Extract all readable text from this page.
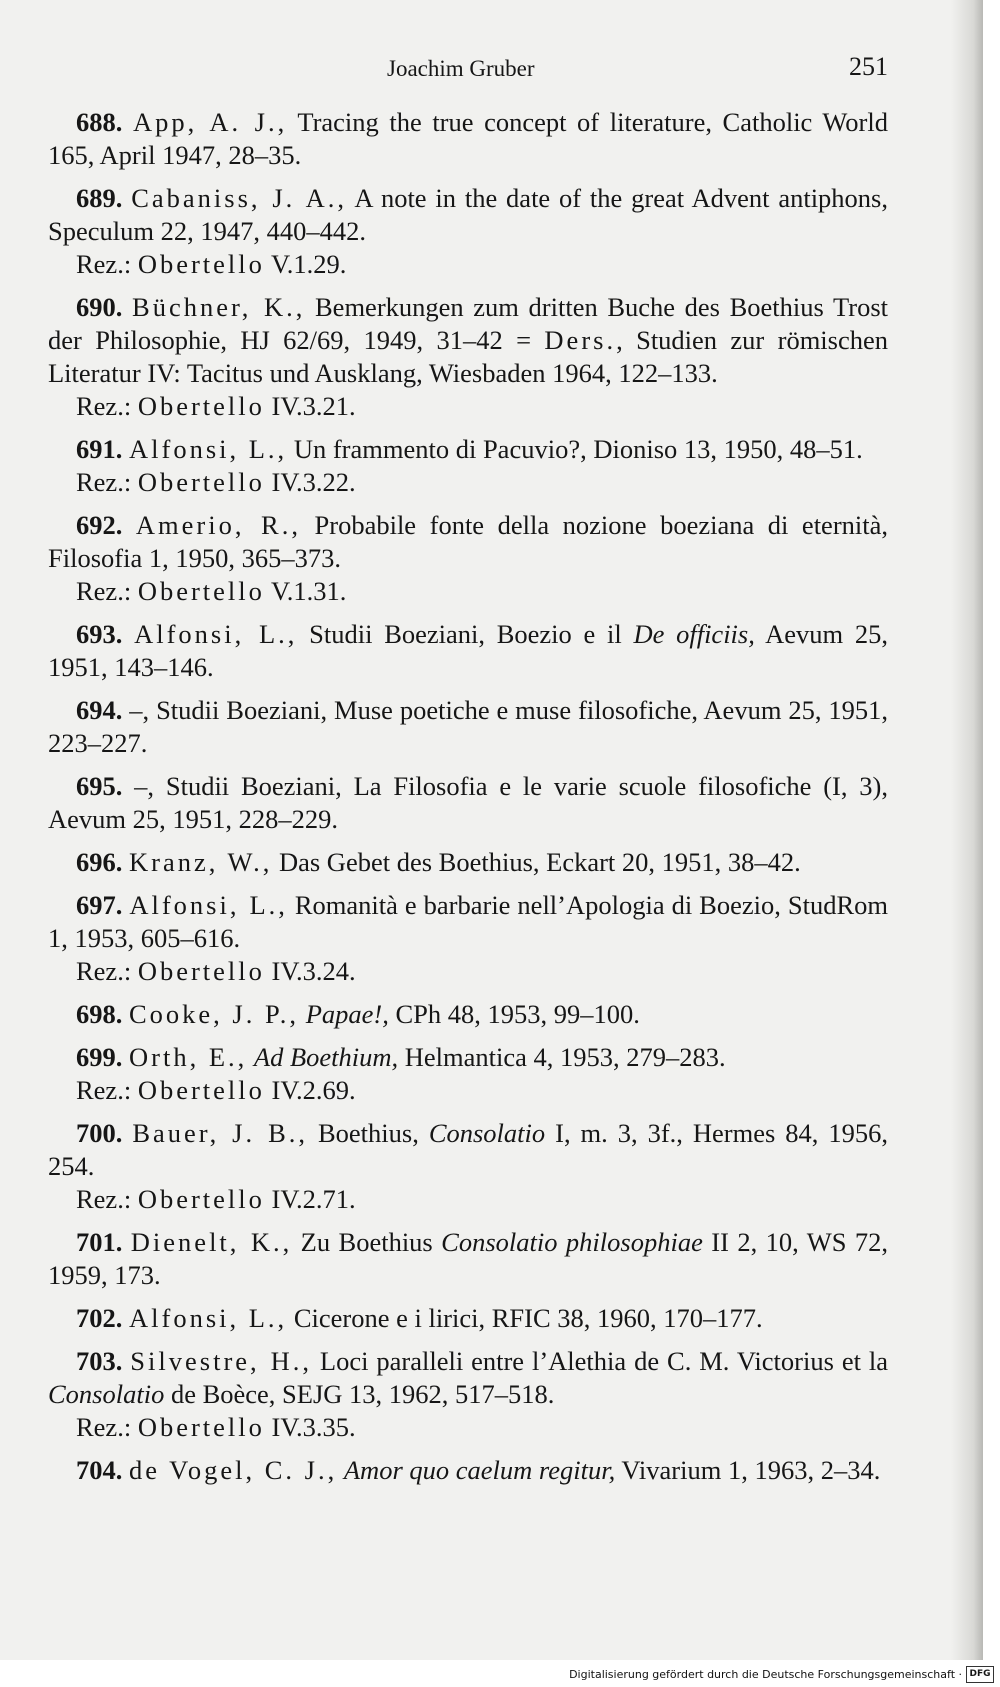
Joachim Gruber	251
688. App, A. J., Tracing the true concept of literature, Catholic World 165, April 1947, 28–35.
689. Cabaniss, J. A., A note in the date of the great Advent antiphons, Speculum 22, 1947, 440–442.
Rez.: Obertello V.1.29.
690. Büchner, K., Bemerkungen zum dritten Buche des Boethius Trost der Philosophie, HJ 62/69, 1949, 31–42 = Ders., Studien zur römischen Literatur IV: Tacitus und Ausklang, Wiesbaden 1964, 122–133.
Rez.: Obertello IV.3.21.
691. Alfonsi, L., Un frammento di Pacuvio?, Dioniso 13, 1950, 48–51.
Rez.: Obertello IV.3.22.
692. Amerio, R., Probabile fonte della nozione boeziana di eternità, Filosofia 1, 1950, 365–373.
Rez.: Obertello V.1.31.
693. Alfonsi, L., Studii Boeziani, Boezio e il De officiis, Aevum 25, 1951, 143–146.
694. –, Studii Boeziani, Muse poetiche e muse filosofiche, Aevum 25, 1951, 223–227.
695. –, Studii Boeziani, La Filosofia e le varie scuole filosofiche (I, 3), Aevum 25, 1951, 228–229.
696. Kranz, W., Das Gebet des Boethius, Eckart 20, 1951, 38–42.
697. Alfonsi, L., Romanità e barbarie nell’Apologia di Boezio, StudRom 1, 1953, 605–616.
Rez.: Obertello IV.3.24.
698. Cooke, J. P., Papae!, CPh 48, 1953, 99–100.
699. Orth, E., Ad Boethium, Helmantica 4, 1953, 279–283.
Rez.: Obertello IV.2.69.
700. Bauer, J. B., Boethius, Consolatio I, m. 3, 3f., Hermes 84, 1956, 254.
Rez.: Obertello IV.2.71.
701. Dienelt, K., Zu Boethius Consolatio philosophiae II 2, 10, WS 72, 1959, 173.
702. Alfonsi, L., Cicerone e i lirici, RFIC 38, 1960, 170–177.
703. Silvestre, H., Loci paralleli entre l’Alethia de C. M. Victorius et la Consolatio de Boèce, SEJG 13, 1962, 517–518.
Rez.: Obertello IV.3.35.
704. de Vogel, C. J., Amor quo caelum regitur, Vivarium 1, 1963, 2–34.
Digitalisierung gefördert durch die Deutsche Forschungsgemeinschaft · DFG
